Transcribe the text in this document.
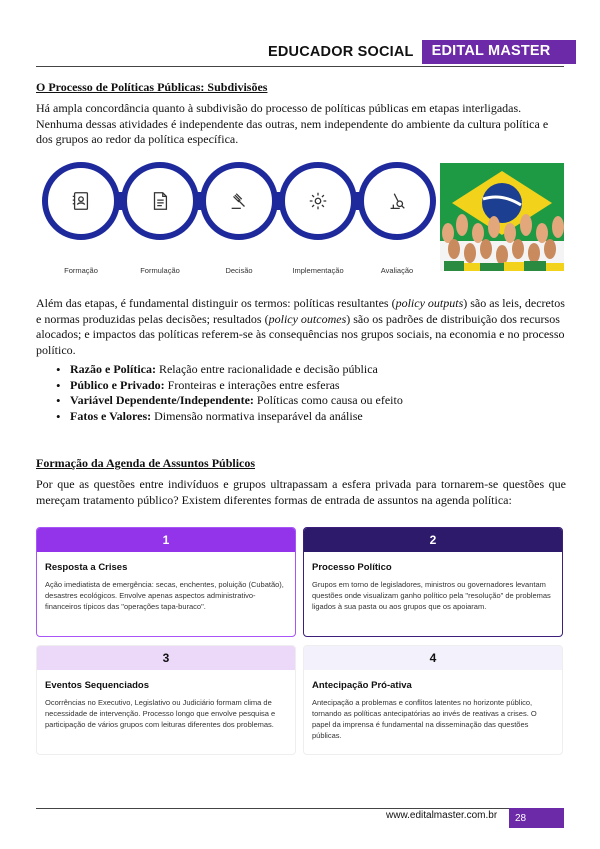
EDUCADOR SOCIAL	EDITAL MASTER
O Processo de Políticas Públicas: Subdivisões

Há ampla concordância quanto à subdivisão do processo de políticas públicas em etapas interligadas. Nenhuma dessas atividades é independente das outras, nem independente do ambiente da cultura política e dos grupos ao redor da política específica.

Formação	Formulação	Decisão	Implementação	Avaliação

Além das etapas, é fundamental distinguir os termos: políticas resultantes (policy outputs) são as leis, decretos e normas produzidas pelas decisões; resultados (policy outcomes) são os padrões de distribuição dos recursos alocados; e impactos das políticas referem-se às consequências nos grupos sociais, na economia e no processo político.

• Razão e Política: Relação entre racionalidade e decisão pública
• Público e Privado: Fronteiras e interações entre esferas
• Variável Dependente/Independente: Políticas como causa ou efeito
• Fatos e Valores: Dimensão normativa inseparável da análise
Formação da Agenda de Assuntos Públicos

Por que as questões entre indivíduos e grupos ultrapassam a esfera privada para tornarem-se questões que mereçam tratamento público? Existem diferentes formas de entrada de assuntos na agenda política:

1
Resposta a Crises
Ação imediatista de emergência: secas, enchentes, poluição (Cubatão), desastres ecológicos. Envolve apenas aspectos administrativo-financeiros típicos das "operações tapa-buraco".
2
Processo Político
Grupos em torno de legisladores, ministros ou governadores levantam questões onde visualizam ganho político pela "resolução" de problemas ligados à sua pasta ou aos grupos que os apoiaram.
3
Eventos Sequenciados
Ocorrências no Executivo, Legislativo ou Judiciário formam clima de necessidade de intervenção. Processo longo que envolve pesquisa e participação de vários grupos com leituras diferentes dos problemas.
4
Antecipação Pró-ativa
Antecipação a problemas e conflitos latentes no horizonte público, tornando as políticas antecipatórias ao invés de reativas a crises. O papel da imprensa é fundamental na disseminação das questões públicas.
www.editalmaster.com.br	28
